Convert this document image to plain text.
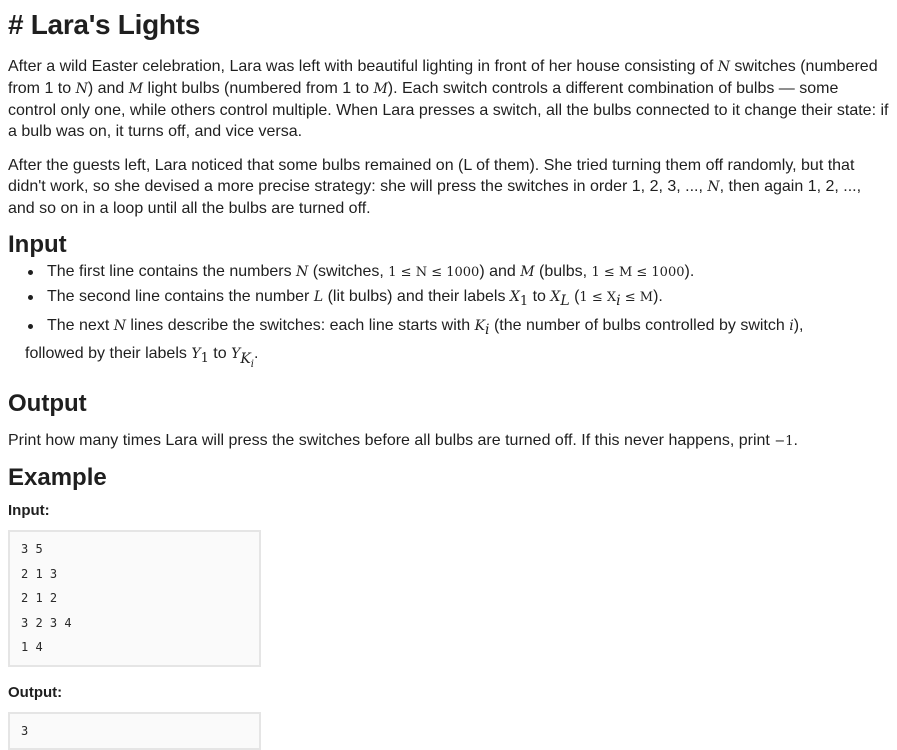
# Lara's Lights

After a wild Easter celebration, Lara was left with beautiful lighting in front of her house consisting of N switches (numbered from 1 to N) and M light bulbs (numbered from 1 to M). Each switch controls a different combination of bulbs — some control only one, while others control multiple. When Lara presses a switch, all the bulbs connected to it change their state: if a bulb was on, it turns off, and vice versa.

After the guests left, Lara noticed that some bulbs remained on (L of them). She tried turning them off randomly, but that didn't work, so she devised a more precise strategy: she will press the switches in order 1, 2, 3, ..., N, then again 1, 2, ..., and so on in a loop until all the bulbs are turned off.

Input
The first line contains the numbers N (switches, 1 ≤ N ≤ 1000) and M (bulbs, 1 ≤ M ≤ 1000).
The second line contains the number L (lit bulbs) and their labels $X_1$ to $X_L$ $(1 \le X_i \le M)$.
The next N lines describe the switches: each line starts with $K_i$ (the number of bulbs controlled by switch i),
followed by their labels $Y_1$ to $Y_{K_i}$.
Output

Print how many times Lara will press the switches before all bulbs are turned off. If this never happens, print −1.

Example
Input:
3 5
2 1 3
2 1 2
3 2 3 4
1 4
Output:
3
